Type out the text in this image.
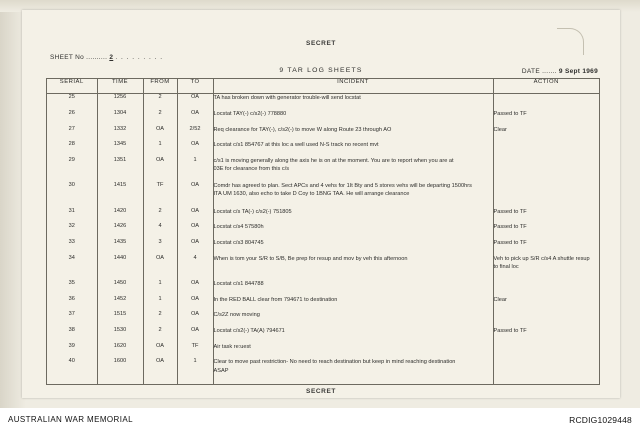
SECRET
SHEET No .......... 2 . . . . . . . . .
9 TAR LOG SHEETS	DATE ....... 9 Sept 1969
SERIAL	TIME	FROM	TO	INCIDENT	ACTION
25	1256	2	OA	TA has broken down with generator trouble-will send locstat

26	1304	2	OA	Locstat TAY(-) c/s2(-) 778880	Passed to TF
27	1332	OA	2/52	Req clearance for TAY(-), c/s2(-) to move W along Route 23 through AO	Clear
28	1345	1	OA	Locstat c/s1 854767 at this loc a well used N-S track no recent mvt

29	1351	OA	1	c/s1 is moving generally along the axis he is on at the moment. You are to report when you are at
03E for clearance from this c/s	

30	1415	TF	OA	Comdr has agreed to plan. Sect APCs and 4 vehs for 1It Bty and 5 stores vehs will be departing 1500hrs
ITA UM 1630, also echo to take D Coy to 1BNG TAA. He will arrange clearance	

31	1420	2	OA	Locstat c/s TA(-) c/s2(-) 751805	Passed to TF
32	1426	4	OA	Locstat c/s4 57580h	Passed to TF
33	1435	3	OA	Locstat c/s3 804745	Passed to TF
34	1440	OA	4	When is tom your S/R to S/B, Be prep for resup and mov by veh this afternoon	Veh to pick up S/R c/s4 A shuttle resup
to final loc

35	1450	1	OA	Locstat c/s1 844788

36	1452	1	OA	In the RED BALL clear from 794671 to destination	Clear
37	1515	2	OA	C/s2Z now moving

38	1530	2	OA	Locstat c/s2(-) TA(A) 794671	Passed to TF
39	1620	OA	TF	Air task re:uest

40	1600	OA	1	Clear to move past restriction- No need to reach destination but keep in mind reaching destination
ASAP	

SECRET
AUSTRALIAN WAR MEMORIAL	RCDIG1029448
